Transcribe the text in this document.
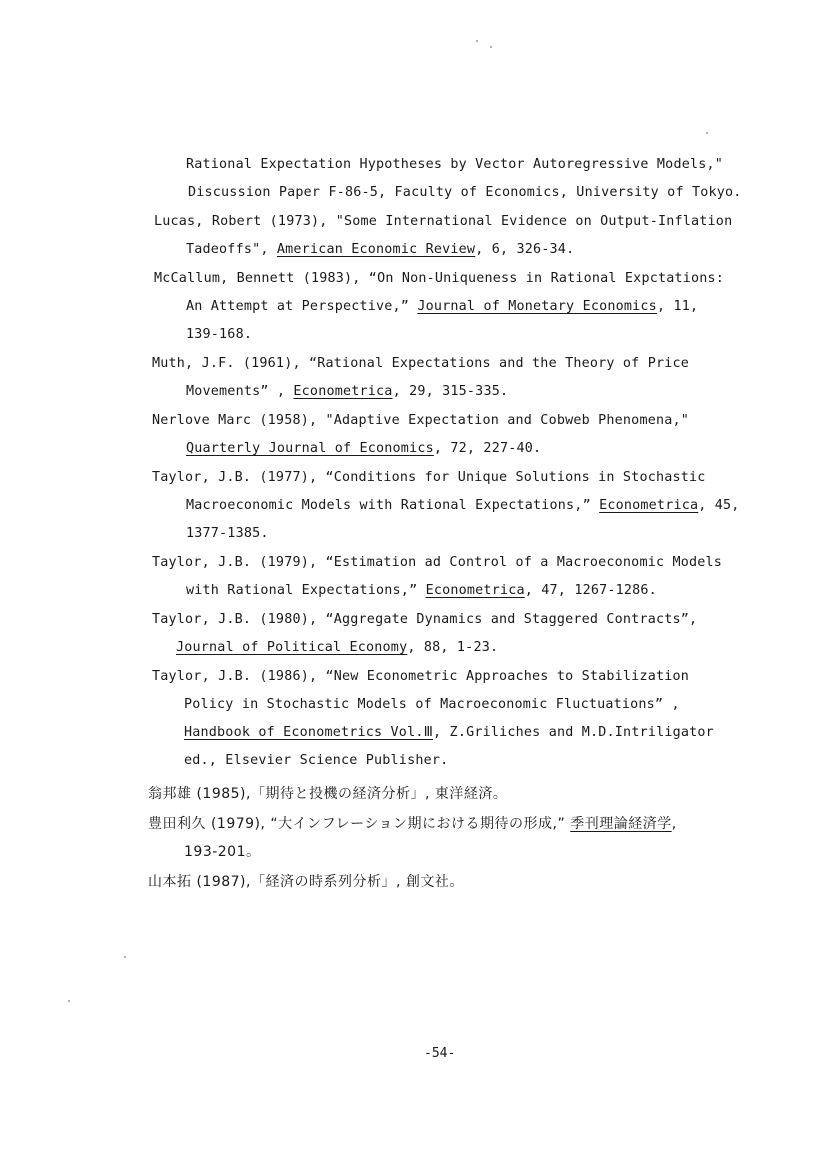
Rational Expectation Hypotheses by Vector Autoregressive Models,"
Discussion Paper F-86-5, Faculty of Economics, University of Tokyo.
Lucas, Robert (1973), "Some International Evidence on Output-Inflation
Tadeoffs", American Economic Review, 6, 326-34.
McCallum, Bennett (1983), “On Non-Uniqueness in Rational Expctations:
An Attempt at Perspective,” Journal of Monetary Economics, 11,
139-168.
Muth, J.F. (1961), “Rational Expectations and the Theory of Price
Movements” , Econometrica, 29, 315-335.
Nerlove Marc (1958), "Adaptive Expectation and Cobweb Phenomena,"
Quarterly Journal of Economics, 72, 227-40.
Taylor, J.B. (1977), “Conditions for Unique Solutions in Stochastic
Macroeconomic Models with Rational Expectations,” Econometrica, 45,
1377-1385.
Taylor, J.B. (1979), “Estimation ad Control of a Macroeconomic Models
with Rational Expectations,” Econometrica, 47, 1267-1286.
Taylor, J.B. (1980), “Aggregate Dynamics and Staggered Contracts”,
Journal of Political Economy, 88, 1-23.
Taylor, J.B. (1986), “New Econometric Approaches to Stabilization
Policy in Stochastic Models of Macroeconomic Fluctuations” ,
Handbook of Econometrics Vol.Ⅲ, Z.Griliches and M.D.Intriligator
ed., Elsevier Science Publisher.
翁邦雄 (1985),「期待と投機の経済分析」, 東洋経済。
豊田利久 (1979), “大インフレーション期における期待の形成,” 季刊理論経済学,
193-201。
山本拓 (1987),「経済の時系列分析」, 創文社。
-54-
